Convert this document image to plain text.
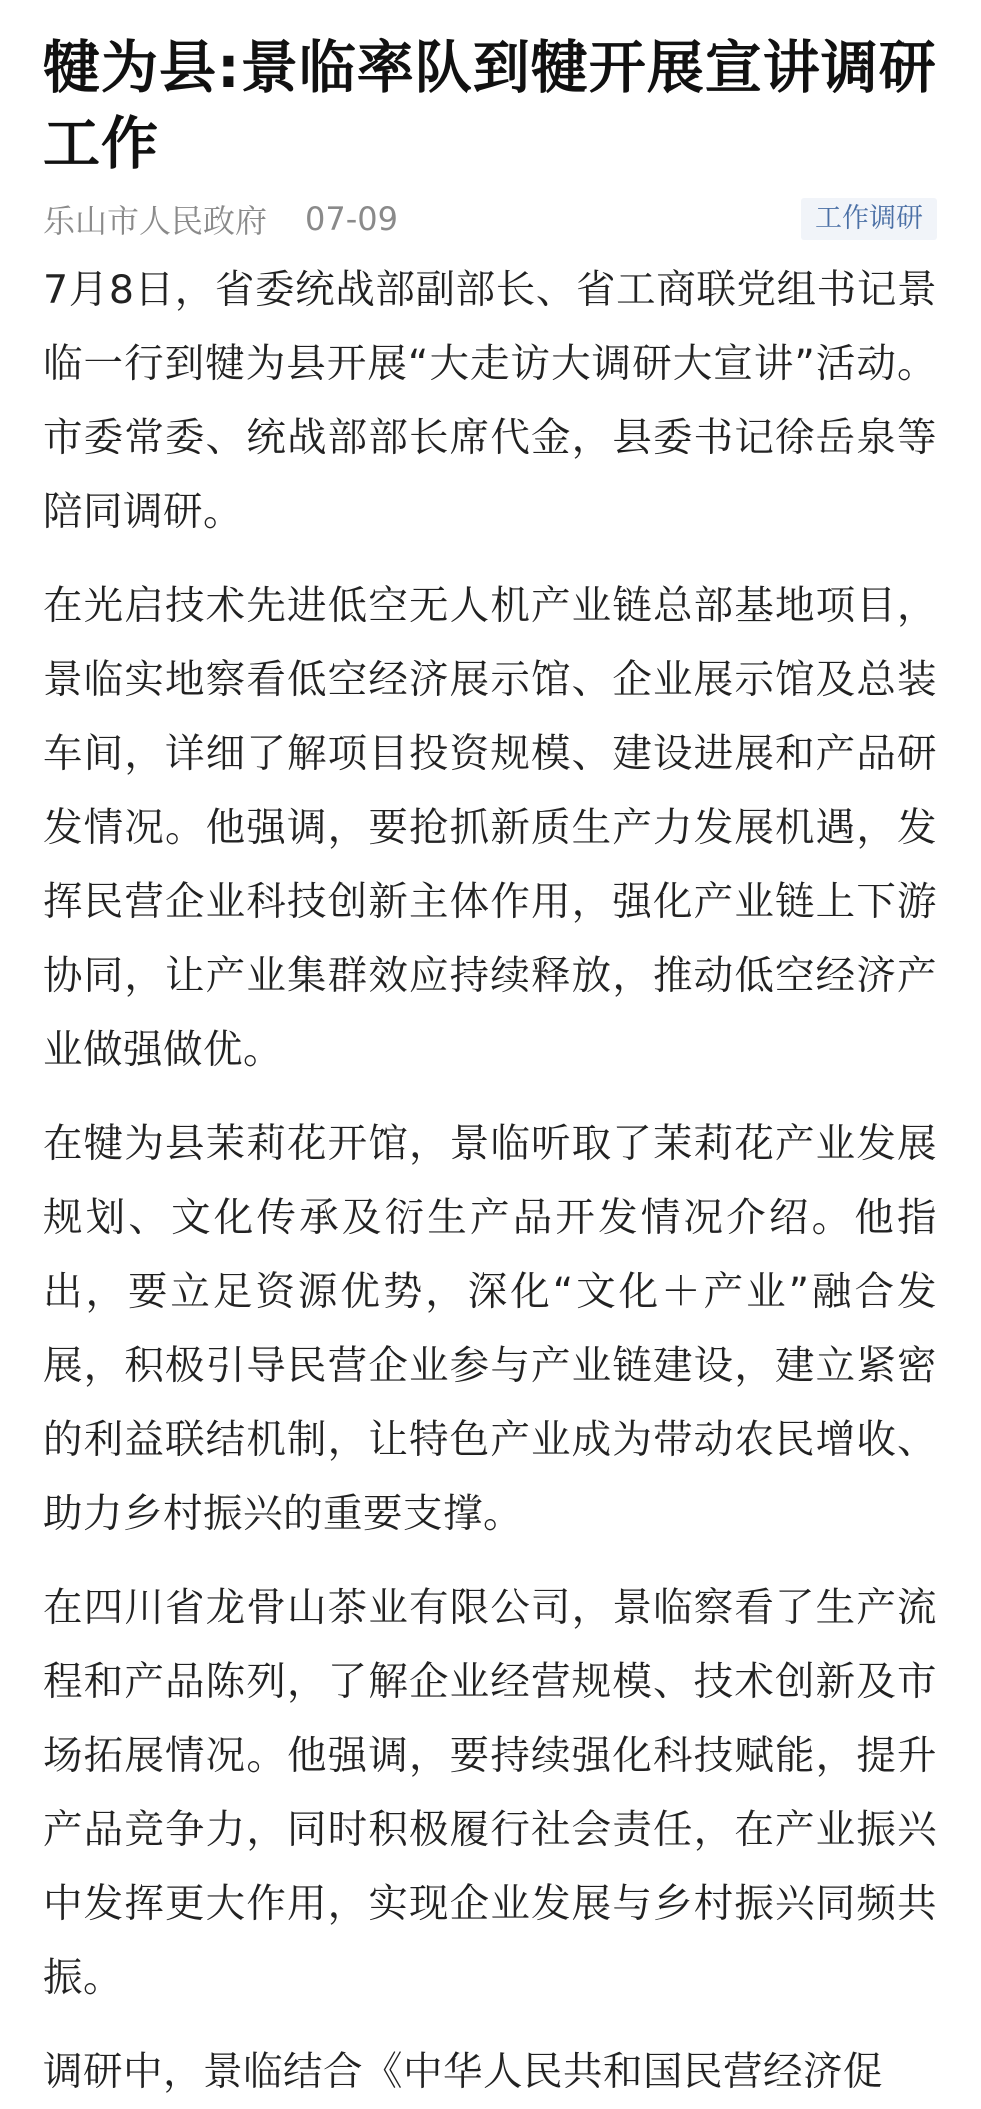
犍为县:景临率队到犍开展宣讲调研工作
乐山市人民政府 07-09	工作调研

7月8日，省委统战部副部长、省工商联党组书记景临一行到犍为县开展“大走访大调研大宣讲”活动。市委常委、统战部部长席代金，县委书记徐岳泉等陪同调研。

在光启技术先进低空无人机产业链总部基地项目，景临实地察看低空经济展示馆、企业展示馆及总装车间，详细了解项目投资规模、建设进展和产品研发情况。他强调，要抢抓新质生产力发展机遇，发挥民营企业科技创新主体作用，强化产业链上下游协同，让产业集群效应持续释放，推动低空经济产业做强做优。

在犍为县茉莉花开馆，景临听取了茉莉花产业发展规划、文化传承及衍生产品开发情况介绍。他指出，要立足资源优势，深化“文化＋产业”融合发展，积极引导民营企业参与产业链建设，建立紧密的利益联结机制，让特色产业成为带动农民增收、助力乡村振兴的重要支撑。

在四川省龙骨山茶业有限公司，景临察看了生产流程和产品陈列，了解企业经营规模、技术创新及市场拓展情况。他强调，要持续强化科技赋能，提升产品竞争力，同时积极履行社会责任，在产业振兴中发挥更大作用，实现企业发展与乡村振兴同频共振。

调研中，景临结合《中华人民共和国民营经济促
